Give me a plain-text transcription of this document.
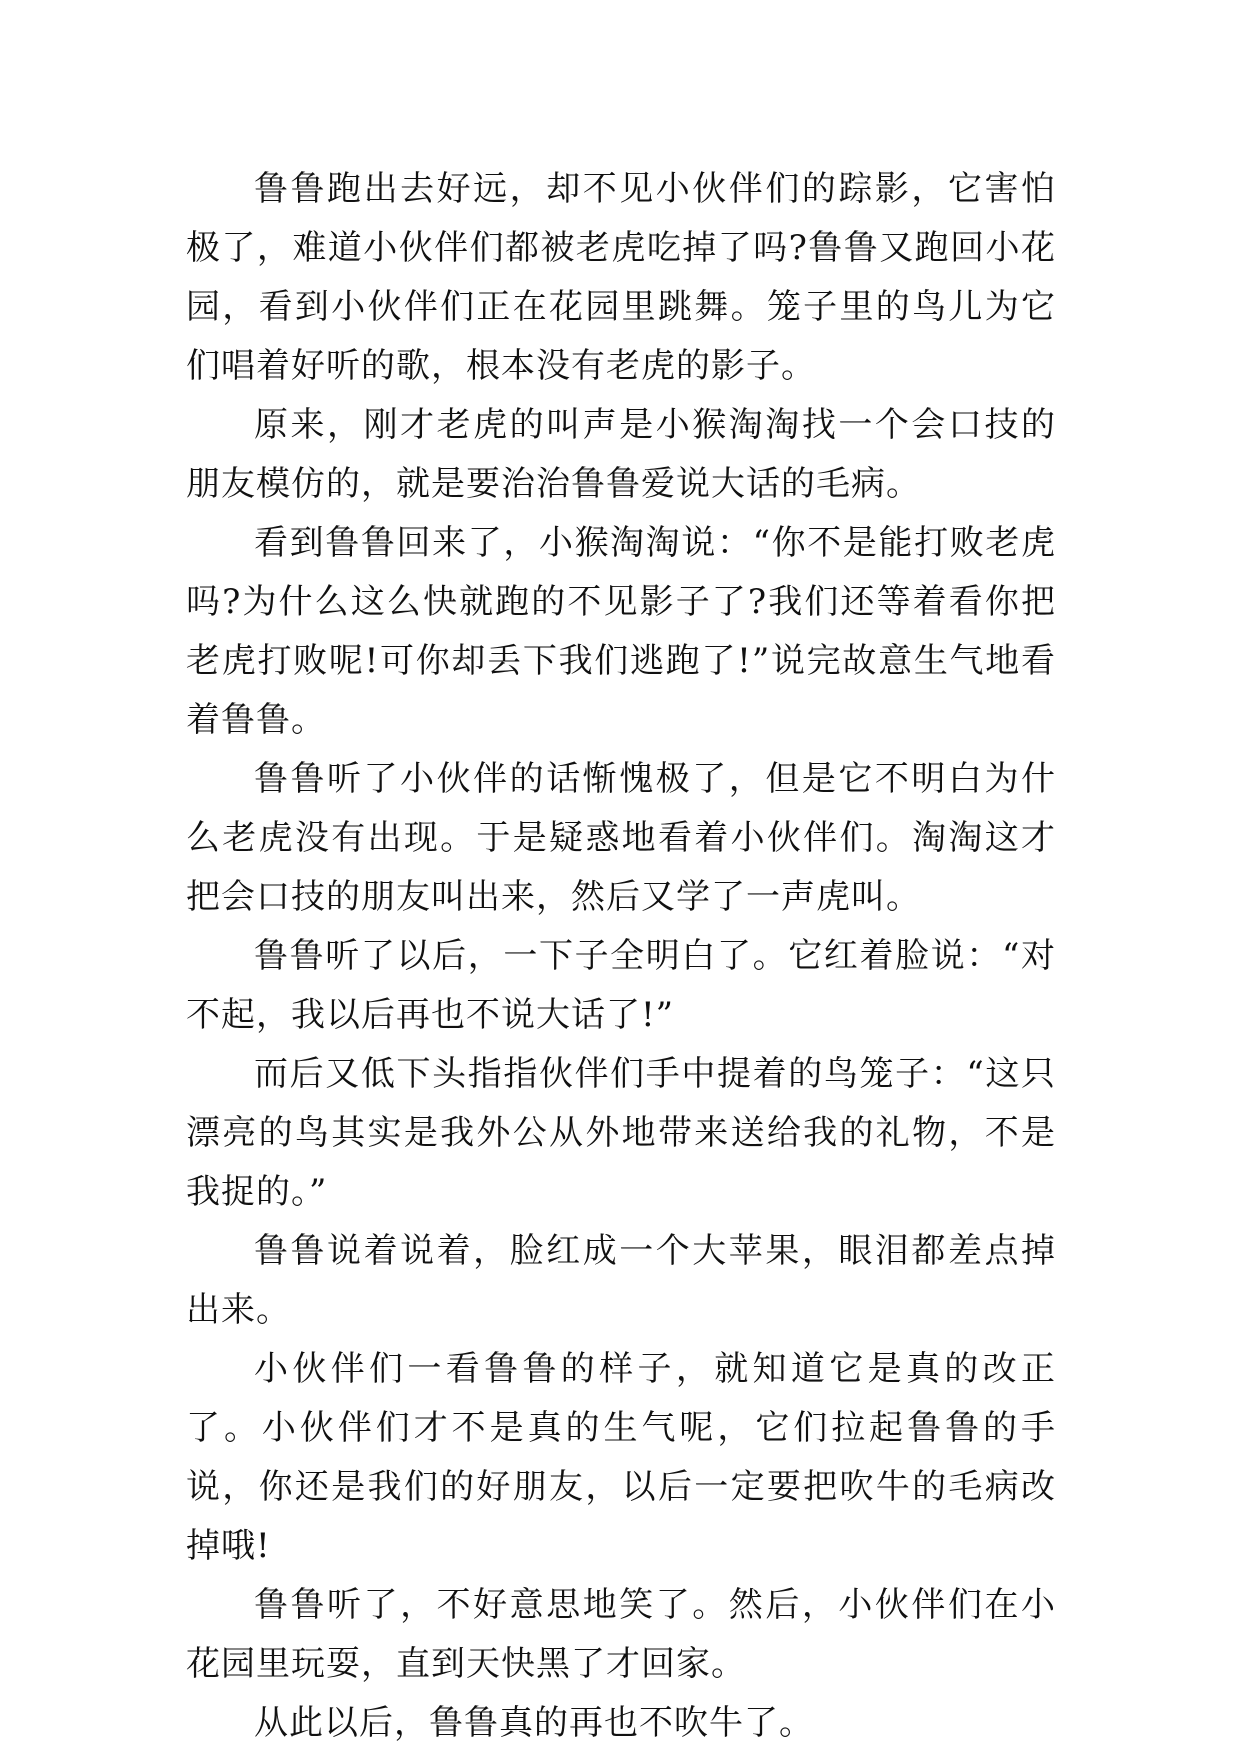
鲁鲁跑出去好远，却不见小伙伴们的踪影，它害怕极了，难道小伙伴们都被老虎吃掉了吗?鲁鲁又跑回小花园，看到小伙伴们正在花园里跳舞。笼子里的鸟儿为它们唱着好听的歌，根本没有老虎的影子。

原来，刚才老虎的叫声是小猴淘淘找一个会口技的朋友模仿的，就是要治治鲁鲁爱说大话的毛病。

看到鲁鲁回来了，小猴淘淘说：“你不是能打败老虎吗?为什么这么快就跑的不见影子了?我们还等着看你把老虎打败呢!可你却丢下我们逃跑了!”说完故意生气地看着鲁鲁。

鲁鲁听了小伙伴的话惭愧极了，但是它不明白为什么老虎没有出现。于是疑惑地看着小伙伴们。淘淘这才把会口技的朋友叫出来，然后又学了一声虎叫。

鲁鲁听了以后，一下子全明白了。它红着脸说：“对不起，我以后再也不说大话了!”

而后又低下头指指伙伴们手中提着的鸟笼子：“这只漂亮的鸟其实是我外公从外地带来送给我的礼物，不是我捉的。”

鲁鲁说着说着，脸红成一个大苹果，眼泪都差点掉出来。

小伙伴们一看鲁鲁的样子，就知道它是真的改正了。小伙伴们才不是真的生气呢，它们拉起鲁鲁的手说，你还是我们的好朋友，以后一定要把吹牛的毛病改掉哦!

鲁鲁听了，不好意思地笑了。然后，小伙伴们在小花园里玩耍，直到天快黑了才回家。

从此以后，鲁鲁真的再也不吹牛了。
